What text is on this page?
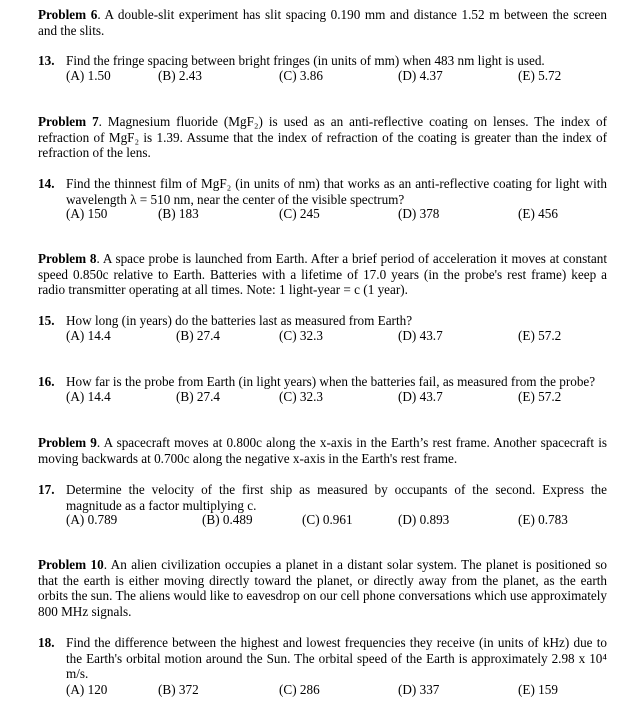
Problem 6. A double-slit experiment has slit spacing 0.190 mm and distance 1.52 m between the screen and the slits.
13. Find the fringe spacing between bright fringes (in units of mm) when 483 nm light is used.
(A) 1.50	(B) 2.43	(C) 3.86	(D) 4.37	(E) 5.72
Problem 7. Magnesium fluoride (MgF₂) is used as an anti-reflective coating on lenses. The index of refraction of MgF₂ is 1.39. Assume that the index of refraction of the coating is greater than the index of refraction of the lens.
14. Find the thinnest film of MgF₂ (in units of nm) that works as an anti-reflective coating for light with wavelength λ = 510 nm, near the center of the visible spectrum?
(A) 150	(B) 183	(C) 245	(D) 378	(E) 456
Problem 8. A space probe is launched from Earth. After a brief period of acceleration it moves at constant speed 0.850c relative to Earth. Batteries with a lifetime of 17.0 years (in the probe's rest frame) keep a radio transmitter operating at all times. Note: 1 light-year = c (1 year).
15. How long (in years) do the batteries last as measured from Earth?
(A) 14.4	(B) 27.4	(C) 32.3	(D) 43.7	(E) 57.2
16. How far is the probe from Earth (in light years) when the batteries fail, as measured from the probe?
(A) 14.4	(B) 27.4	(C) 32.3	(D) 43.7	(E) 57.2
Problem 9. A spacecraft moves at 0.800c along the x-axis in the Earth’s rest frame. Another spacecraft is moving backwards at 0.700c along the negative x-axis in the Earth's rest frame.
17. Determine the velocity of the first ship as measured by occupants of the second. Express the magnitude as a factor multiplying c.
(A) 0.789	(B) 0.489	(C) 0.961	(D) 0.893	(E) 0.783
Problem 10. An alien civilization occupies a planet in a distant solar system. The planet is positioned so that the earth is either moving directly toward the planet, or directly away from the planet, as the earth orbits the sun. The aliens would like to eavesdrop on our cell phone conversations which use approximately 800 MHz signals.
18. Find the difference between the highest and lowest frequencies they receive (in units of kHz) due to the Earth's orbital motion around the Sun. The orbital speed of the Earth is approximately 2.98 x 10⁴ m/s.
(A) 120	(B) 372	(C) 286	(D) 337	(E) 159
